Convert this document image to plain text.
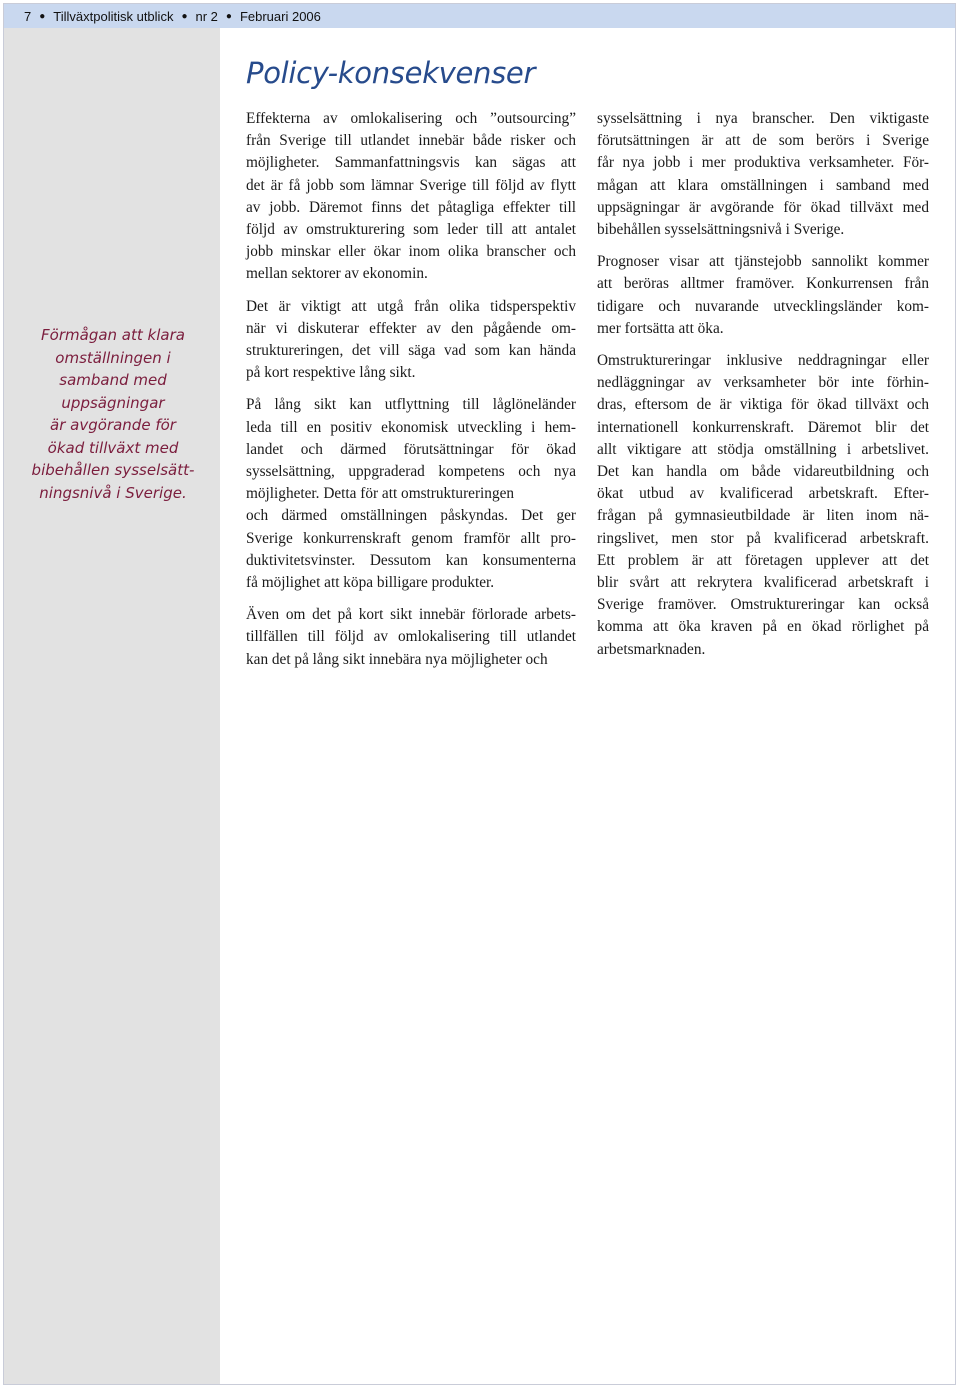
7 ● Tillväxtpolitisk utblick ● nr 2 ● Februari 2006
Förmågan att klara
omställningen i
samband med
uppsägningar
är avgörande för
ökad tillväxt med
bibehållen sysselsätt-
ningsnivå i Sverige.
Policy-konsekvenser

Effekterna av omlokalisering och ”outsourcing”
från Sverige till utlandet innebär både risker och
möjligheter. Sammanfattningsvis kan sägas att
det är få jobb som lämnar Sverige till följd av flytt
av jobb. Däremot finns det påtagliga effekter till
följd av omstrukturering som leder till att antalet
jobb minskar eller ökar inom olika branscher och
mellan sektorer av ekonomin.

Det är viktigt att utgå från olika tidsperspektiv
när vi diskuterar effekter av den pågående om-
struktureringen, det vill säga vad som kan hända
på kort respektive lång sikt.

På lång sikt kan utflyttning till låglöneländer
leda till en positiv ekonomisk utveckling i hem-
landet och därmed förutsättningar för ökad
sysselsättning, uppgraderad kompetens och nya
möjligheter. Detta för att omstruktureringen
och därmed omställningen påskyndas. Det ger
Sverige konkurrenskraft genom framför allt pro-
duktivitetsvinster. Dessutom kan konsumenterna
få möjlighet att köpa billigare produkter.

Även om det på kort sikt innebär förlorade arbets-
tillfällen till följd av omlokalisering till utlandet
kan det på lång sikt innebära nya möjligheter och

sysselsättning i nya branscher. Den viktigaste
förutsättningen är att de som berörs i Sverige
får nya jobb i mer produktiva verksamheter. För-
mågan att klara omställningen i samband med
uppsägningar är avgörande för ökad tillväxt med
bibehållen sysselsättningsnivå i Sverige.

Prognoser visar att tjänstejobb sannolikt kommer
att beröras alltmer framöver. Konkurrensen från
tidigare och nuvarande utvecklingsländer kom-
mer fortsätta att öka.

Omstruktureringar inklusive neddragningar eller
nedläggningar av verksamheter bör inte förhin-
dras, eftersom de är viktiga för ökad tillväxt och
internationell konkurrenskraft. Däremot blir det
allt viktigare att stödja omställning i arbetslivet.
Det kan handla om både vidareutbildning och
ökat utbud av kvalificerad arbetskraft. Efter-
frågan på gymnasieutbildade är liten inom nä-
ringslivet, men stor på kvalificerad arbetskraft.
Ett problem är att företagen upplever att det
blir svårt att rekrytera kvalificerad arbetskraft i
Sverige framöver. Omstruktureringar kan också
komma att öka kraven på en ökad rörlighet på
arbetsmarknaden.
